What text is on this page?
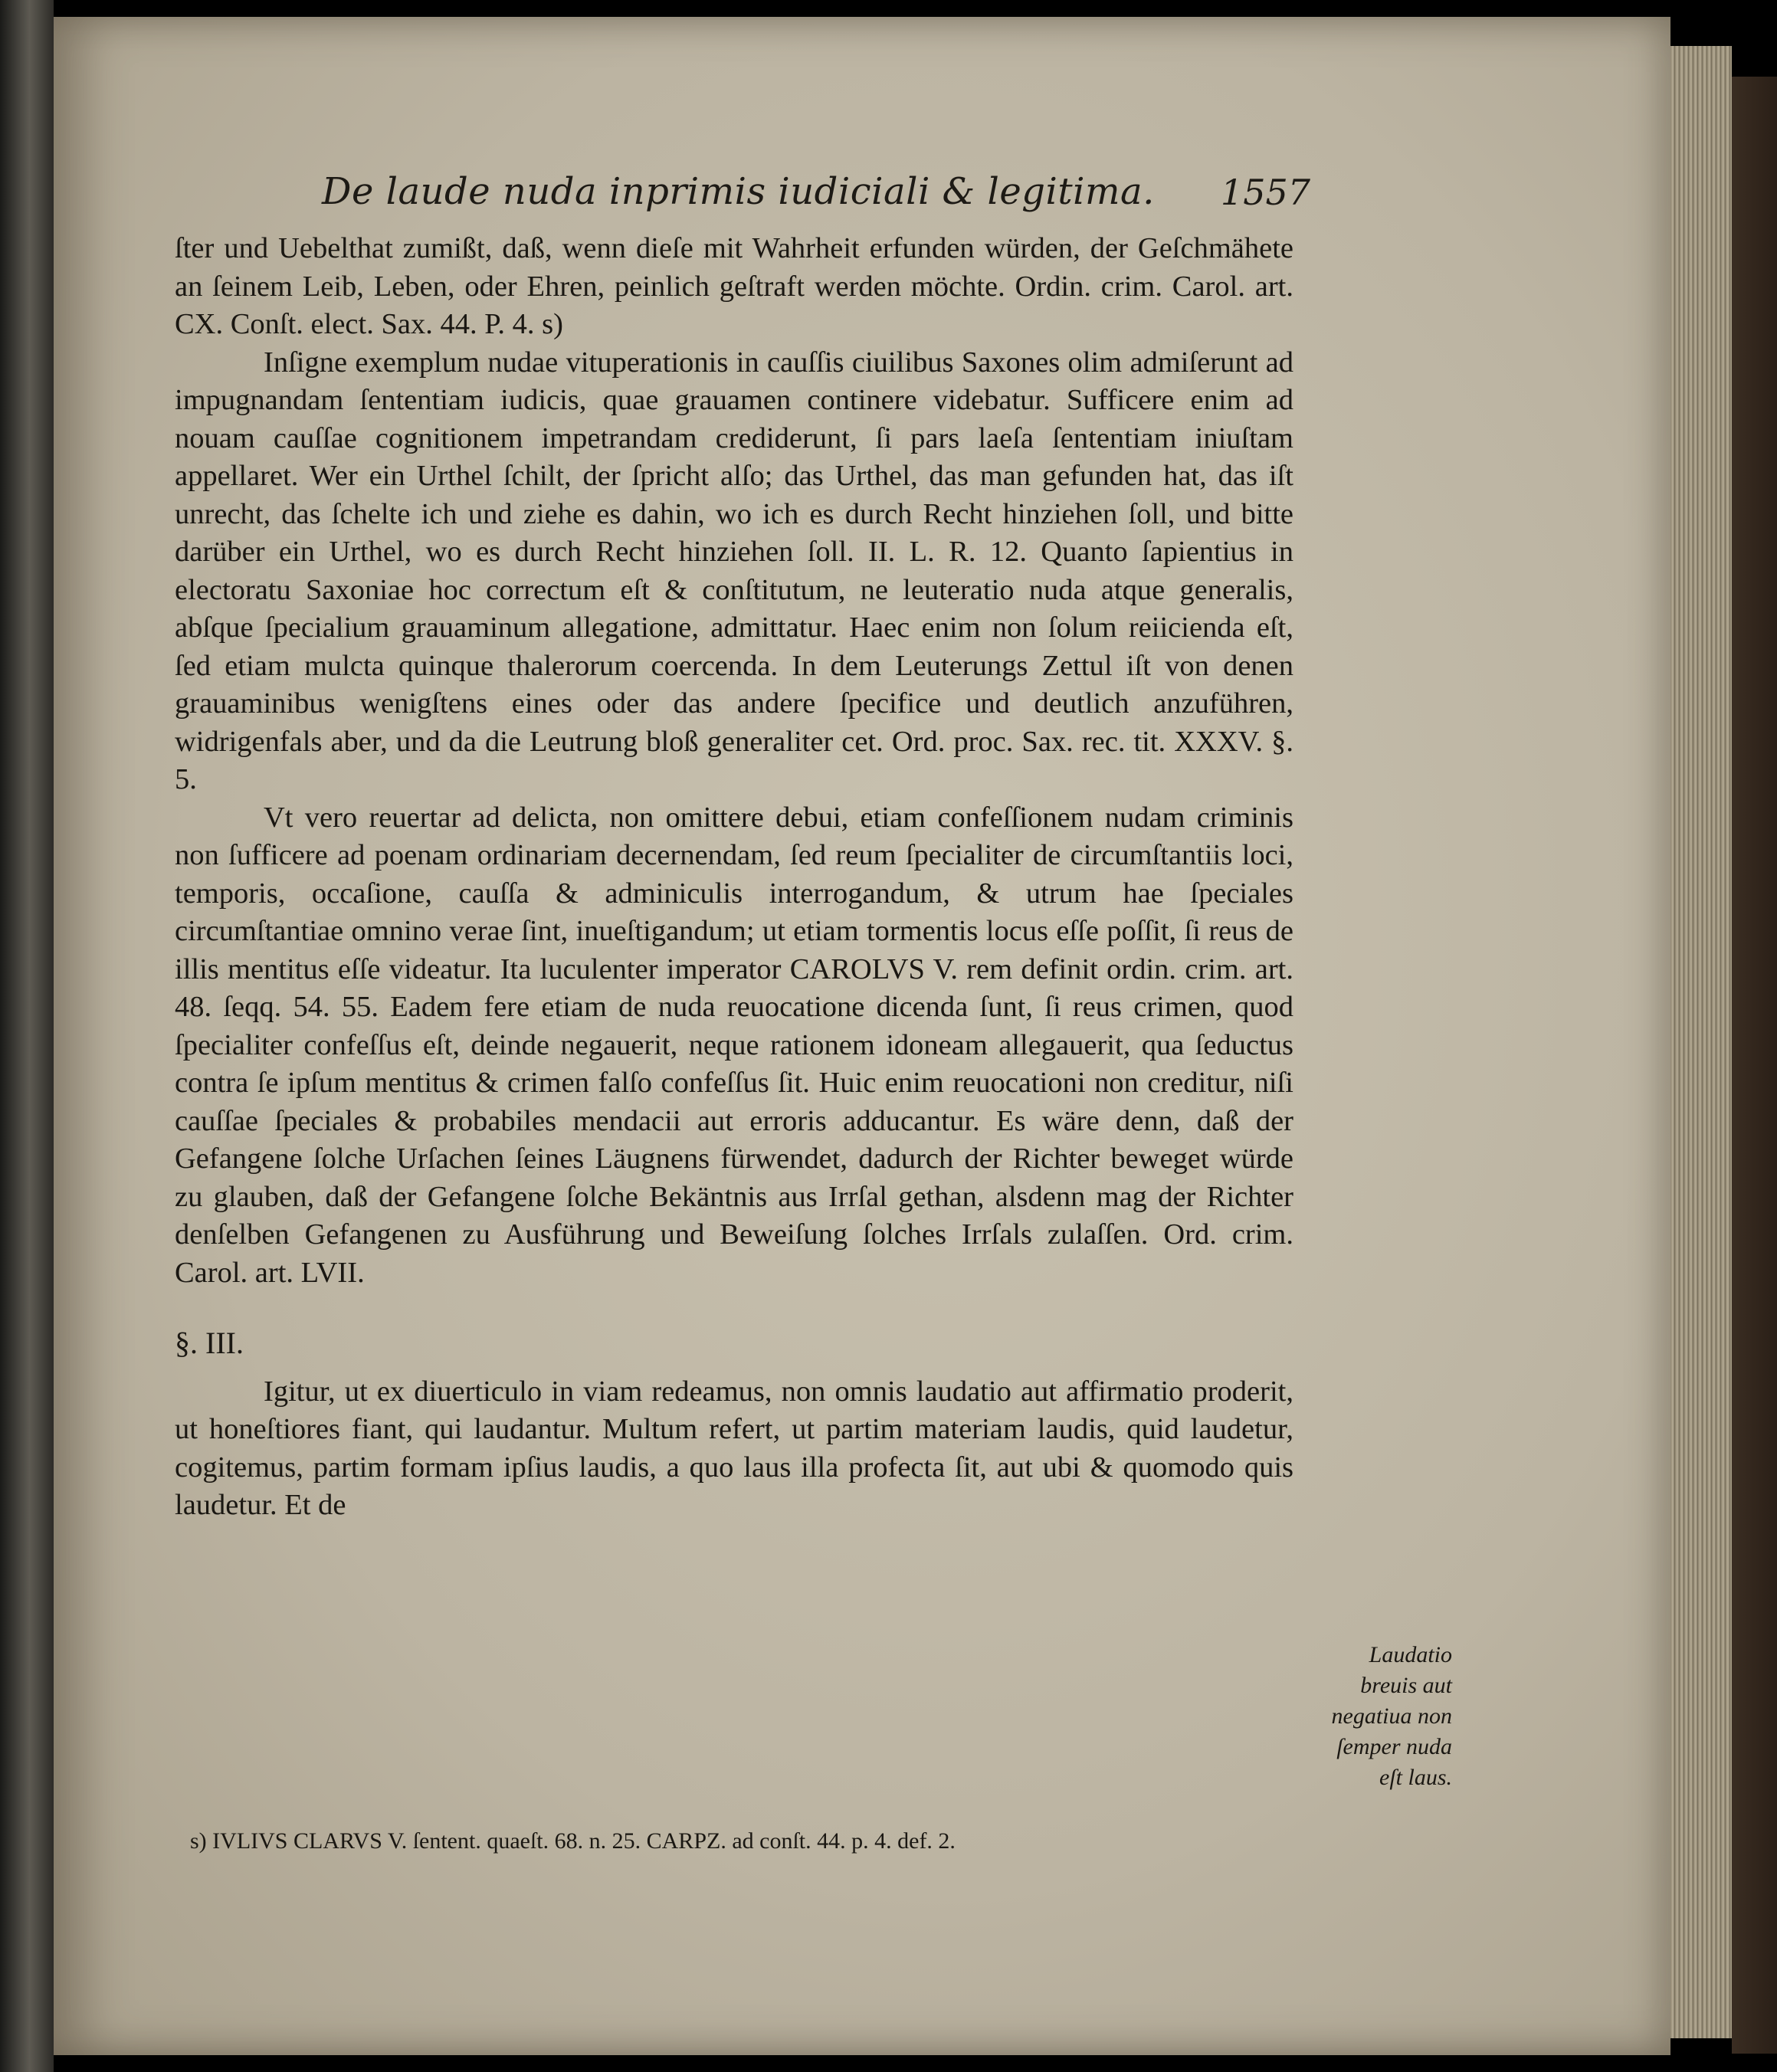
De laude nuda inprimis iudiciali & legitima. 1557

ſter und Uebelthat zumißt, daß, wenn dieſe mit Wahrheit erfunden würden, der Geſchmähete an ſeinem Leib, Leben, oder Ehren, peinlich geſtraft werden möchte. Ordin. crim. Carol. art. CX. Conſt. elect. Sax. 44. P. 4. s)

Inſigne exemplum nudae vituperationis in cauſſis ciuilibus Saxones olim admiſerunt ad impugnandam ſententiam iudicis, quae grauamen continere videbatur. Sufficere enim ad nouam cauſſae cognitionem impetrandam crediderunt, ſi pars laeſa ſententiam iniuſtam appellaret. Wer ein Urthel ſchilt, der ſpricht alſo; das Urthel, das man gefunden hat, das iſt unrecht, das ſchelte ich und ziehe es dahin, wo ich es durch Recht hinziehen ſoll, und bitte darüber ein Urthel, wo es durch Recht hinziehen ſoll. II. L. R. 12. Quanto ſapientius in electoratu Saxoniae hoc correctum eſt & conſtitutum, ne leuteratio nuda atque generalis, abſque ſpecialium grauaminum allegatione, admittatur. Haec enim non ſolum reiicienda eſt, ſed etiam mulcta quinque thalerorum coercenda. In dem Leuterungs Zettul iſt von denen grauaminibus wenigſtens eines oder das andere ſpecifice und deutlich anzuführen, widrigenfals aber, und da die Leutrung bloß generaliter cet. Ord. proc. Sax. rec. tit. XXXV. §. 5.

Vt vero reuertar ad delicta, non omittere debui, etiam confeſſionem nudam criminis non ſufficere ad poenam ordinariam decernendam, ſed reum ſpecialiter de circumſtantiis loci, temporis, occaſione, cauſſa & adminiculis interrogandum, & utrum hae ſpeciales circumſtantiae omnino verae ſint, inueſtigandum; ut etiam tormentis locus eſſe poſſit, ſi reus de illis mentitus eſſe videatur. Ita luculenter imperator CAROLVS V. rem definit ordin. crim. art. 48. ſeqq. 54. 55. Eadem fere etiam de nuda reuocatione dicenda ſunt, ſi reus crimen, quod ſpecialiter confeſſus eſt, deinde negauerit, neque rationem idoneam allegauerit, qua ſeductus contra ſe ipſum mentitus & crimen falſo confeſſus ſit. Huic enim reuocationi non creditur, niſi cauſſae ſpeciales & probabiles mendacii aut erroris adducantur. Es wäre denn, daß der Gefangene ſolche Urſachen ſeines Läugnens fürwendet, dadurch der Richter beweget würde zu glauben, daß der Gefangene ſolche Bekäntnis aus Irrſal gethan, alsdenn mag der Richter denſelben Gefangenen zu Ausführung und Beweiſung ſolches Irrſals zulaſſen. Ord. crim. Carol. art. LVII.

§. III.

Igitur, ut ex diuerticulo in viam redeamus, non omnis laudatio aut affirmatio proderit, ut honeſtiores fiant, qui laudantur. Multum refert, ut partim materiam laudis, quid laudetur, cogitemus, partim formam ipſius laudis, a quo laus illa profecta ſit, aut ubi & quomodo quis laudetur. Et de

Laudatio breuis aut negatiua non ſemper nuda eſt laus.
s) IVLIVS CLARVS V. ſentent. quaeſt. 68. n. 25. CARPZ. ad conſt. 44. p. 4. def. 2.
